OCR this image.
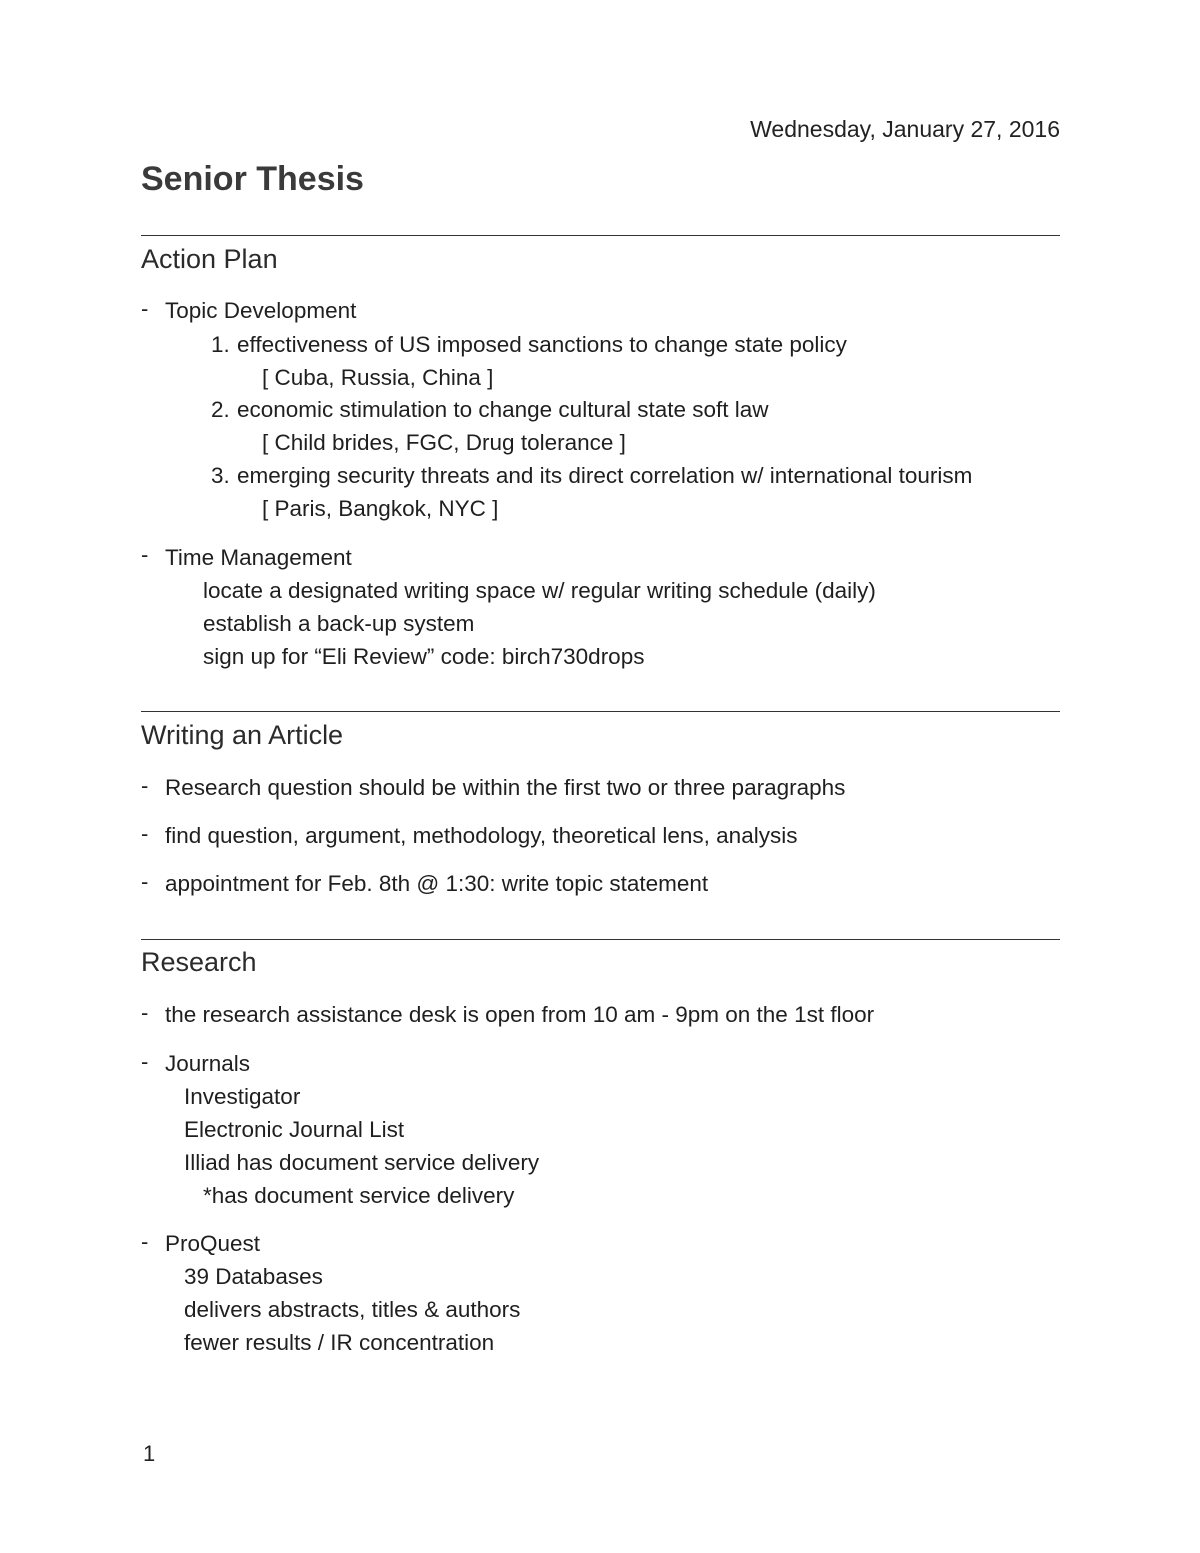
Wednesday, January 27, 2016
Senior Thesis
Action Plan
- Topic Development
1. effectiveness of US imposed sanctions to change state policy
[ Cuba, Russia, China ]
2. economic stimulation to change cultural state soft law
[ Child brides, FGC, Drug tolerance ]
3. emerging security threats and its direct correlation w/ international tourism
[ Paris, Bangkok, NYC ]
- Time Management
locate a designated writing space w/ regular writing schedule (daily)
establish a back-up system
sign up for “Eli Review” code: birch730drops
Writing an Article
- Research question should be within the first two or three paragraphs
- find question, argument, methodology, theoretical lens, analysis
- appointment for Feb. 8th @ 1:30: write topic statement
Research
- the research assistance desk is open from 10 am - 9pm on the 1st floor
- Journals
Investigator
Electronic Journal List
Illiad has document service delivery
*has document service delivery
- ProQuest
39 Databases
delivers abstracts, titles & authors
fewer results / IR concentration
1
